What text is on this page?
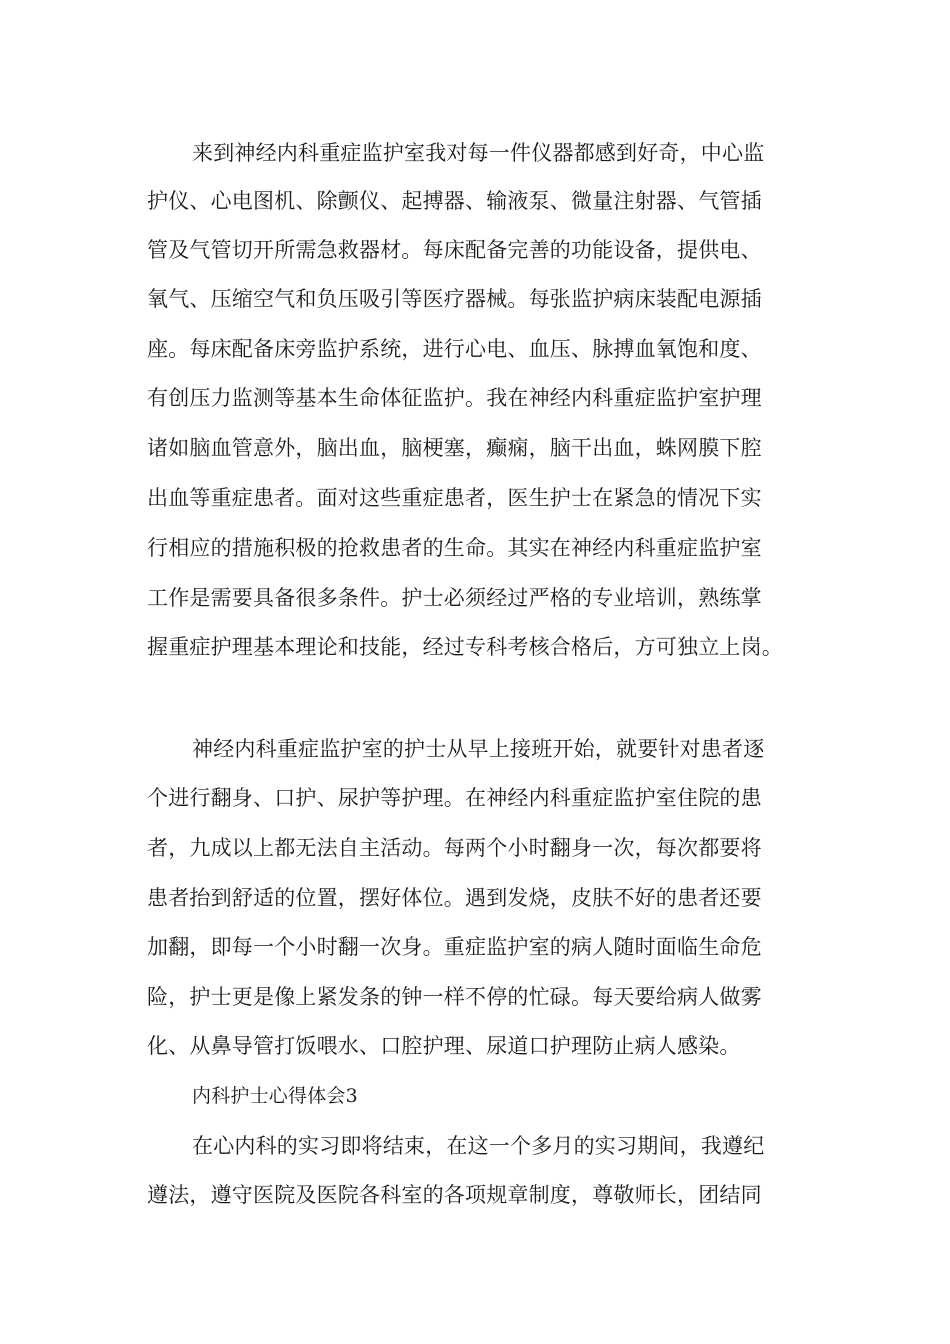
来到神经内科重症监护室我对每一件仪器都感到好奇，中心监
护仪、心电图机、除颤仪、起搏器、输液泵、微量注射器、气管插
管及气管切开所需急救器材。每床配备完善的功能设备，提供电、
氧气、压缩空气和负压吸引等医疗器械。每张监护病床装配电源插
座。每床配备床旁监护系统，进行心电、血压、脉搏血氧饱和度、
有创压力监测等基本生命体征监护。我在神经内科重症监护室护理
诸如脑血管意外，脑出血，脑梗塞，癫痫，脑干出血，蛛网膜下腔
出血等重症患者。面对这些重症患者，医生护士在紧急的情况下实
行相应的措施积极的抢救患者的生命。其实在神经内科重症监护室
工作是需要具备很多条件。护士必须经过严格的专业培训，熟练掌
握重症护理基本理论和技能，经过专科考核合格后，方可独立上岗。
神经内科重症监护室的护士从早上接班开始，就要针对患者逐
个进行翻身、口护、尿护等护理。在神经内科重症监护室住院的患
者，九成以上都无法自主活动。每两个小时翻身一次，每次都要将
患者抬到舒适的位置，摆好体位。遇到发烧，皮肤不好的患者还要
加翻，即每一个小时翻一次身。重症监护室的病人随时面临生命危
险，护士更是像上紧发条的钟一样不停的忙碌。每天要给病人做雾
化、从鼻导管打饭喂水、口腔护理、尿道口护理防止病人感染。
内科护士心得体会3
在心内科的实习即将结束，在这一个多月的实习期间，我遵纪
遵法，遵守医院及医院各科室的各项规章制度，尊敬师长，团结同
